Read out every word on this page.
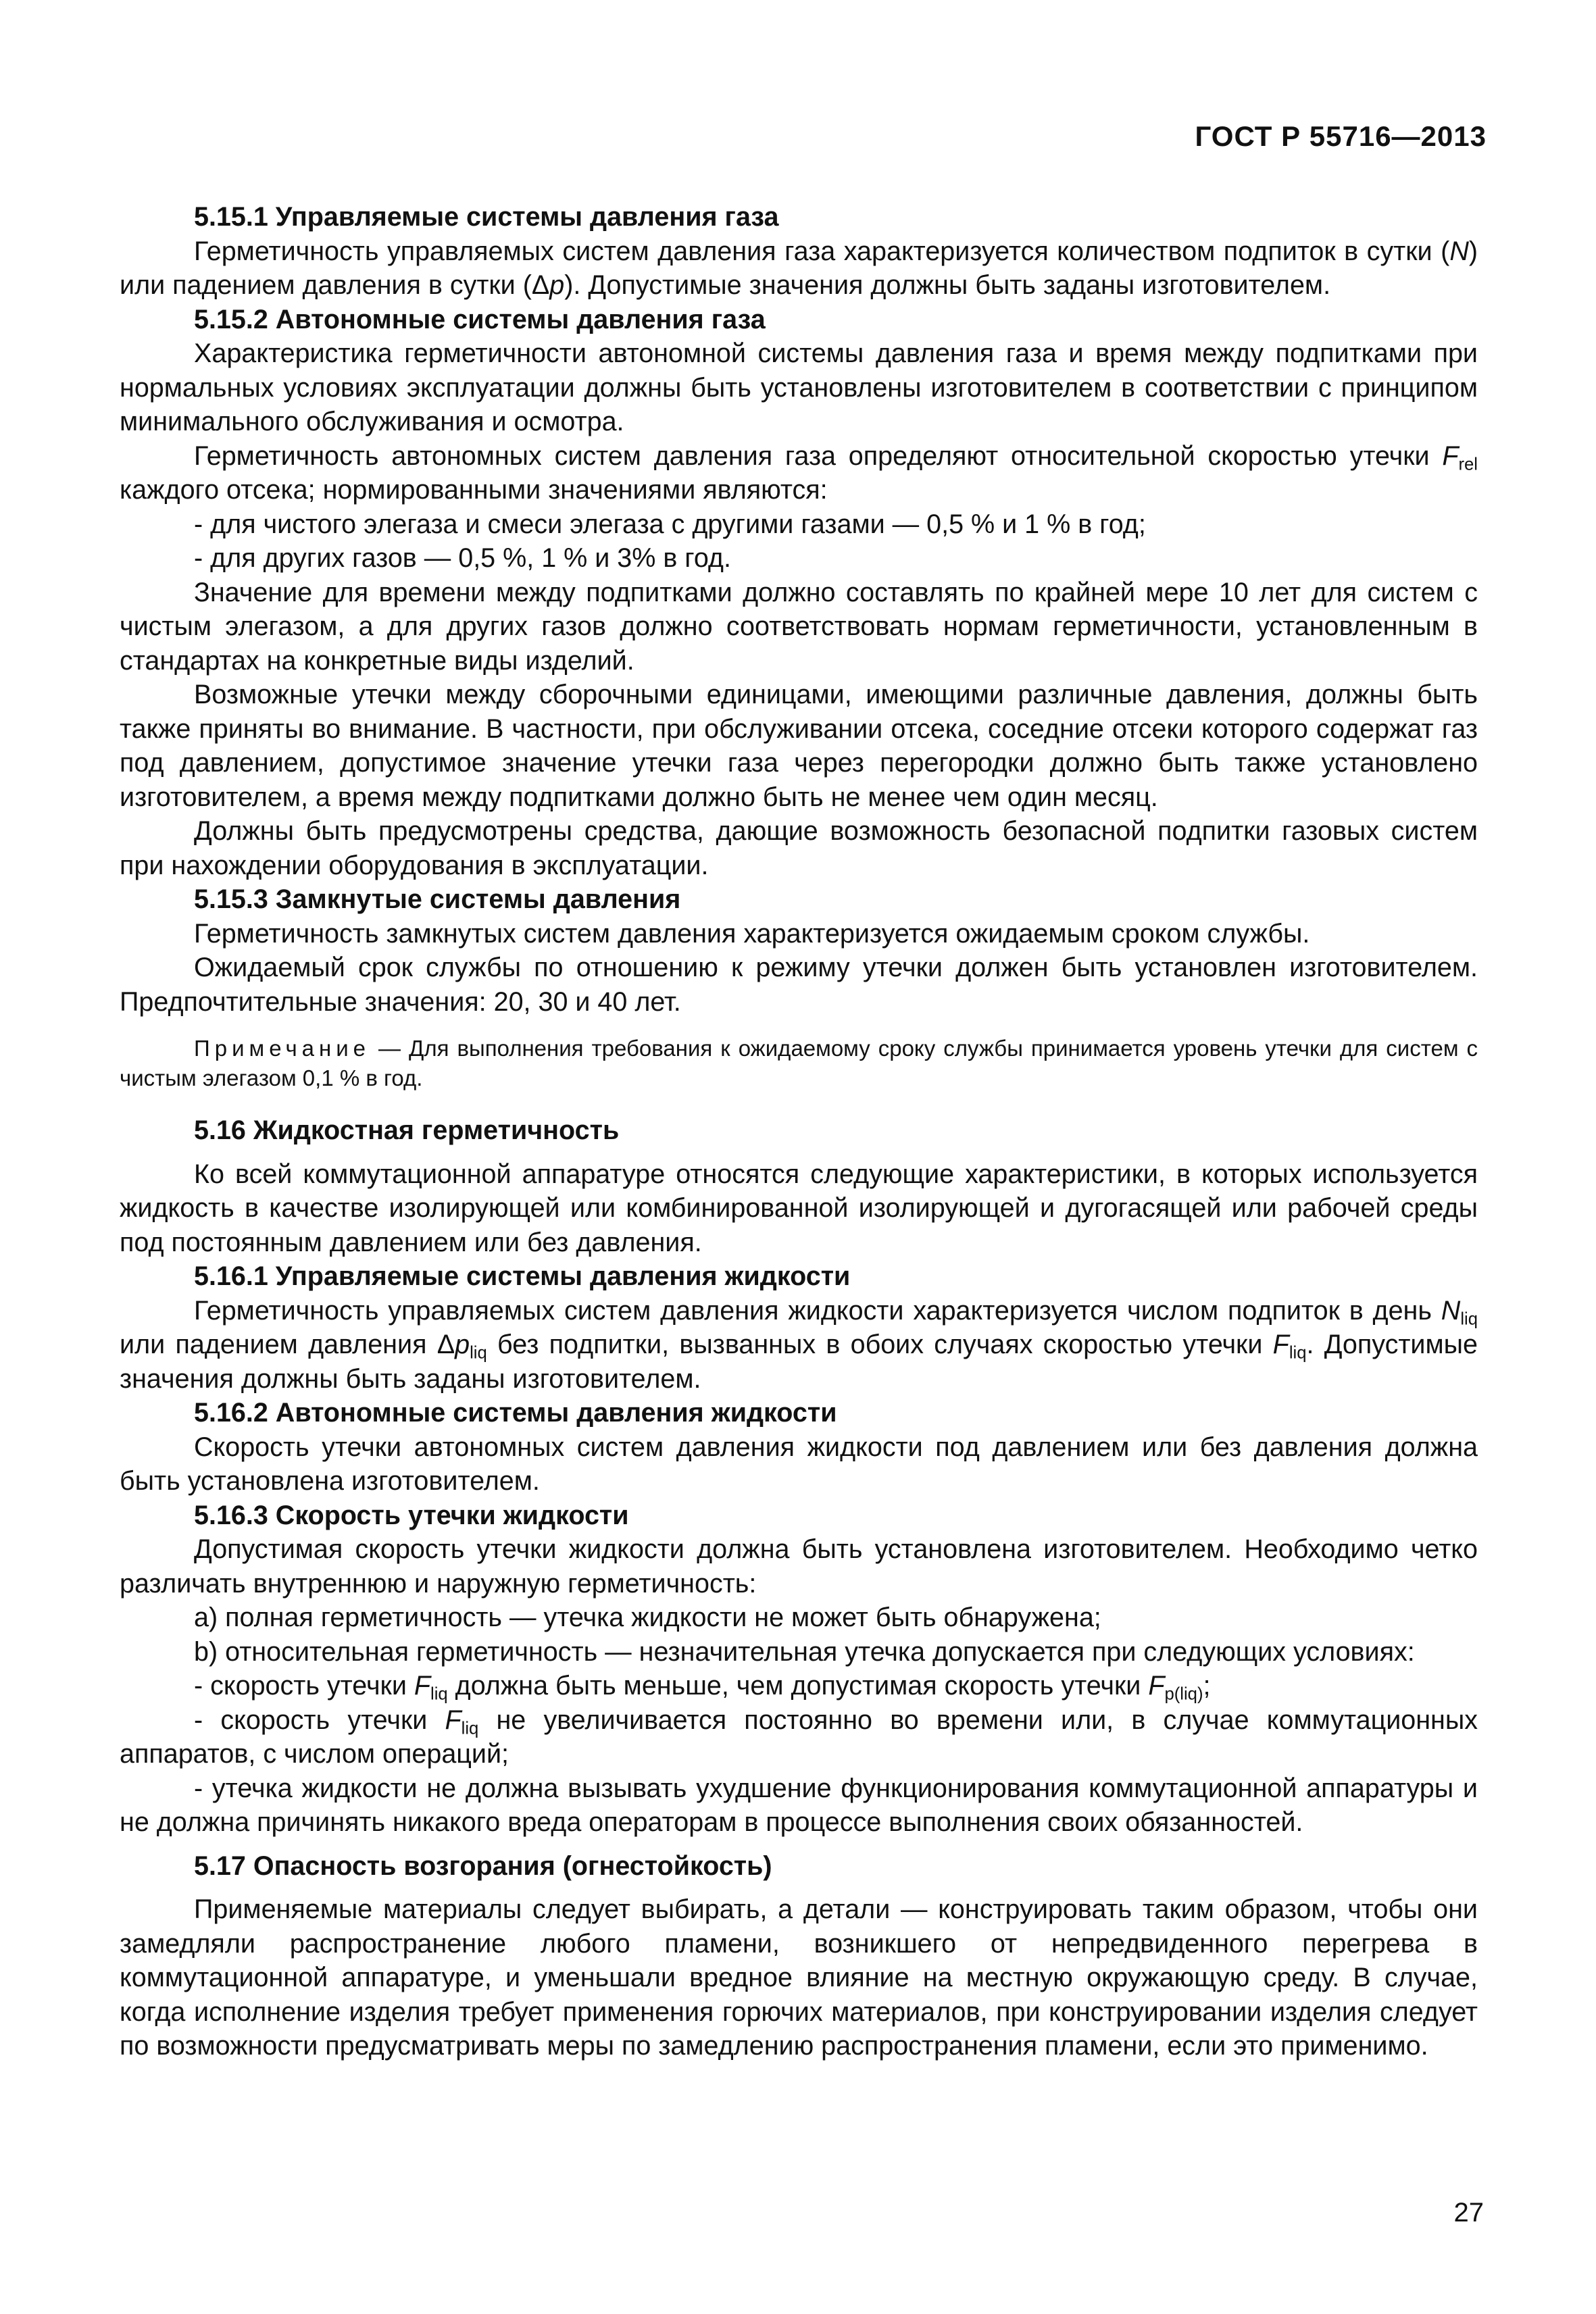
ГОСТ Р 55716—2013

5.15.1 Управляемые системы давления газа

Герметичность управляемых систем давления газа характеризуется количеством подпиток в сутки (N) или падением давления в сутки (Δp). Допустимые значения должны быть заданы изготовителем.

5.15.2 Автономные системы давления газа

Характеристика герметичности автономной системы давления газа и время между подпитками при нормальных условиях эксплуатации должны быть установлены изготовителем в соответствии с принципом минимального обслуживания и осмотра.

Герметичность автономных систем давления газа определяют относительной скоростью утечки $F_{rel}$ каждого отсека; нормированными значениями являются:

- для чистого элегаза и смеси элегаза с другими газами — 0,5 % и 1 % в год;

- для других газов — 0,5 %, 1 % и 3% в год.

Значение для времени между подпитками должно составлять по крайней мере 10 лет для систем с чистым элегазом, а для других газов должно соответствовать нормам герметичности, установленным в стандартах на конкретные виды изделий.

Возможные утечки между сборочными единицами, имеющими различные давления, должны быть также приняты во внимание. В частности, при обслуживании отсека, соседние отсеки которого содержат газ под давлением, допустимое значение утечки газа через перегородки должно быть также установлено изготовителем, а время между подпитками должно быть не менее чем один месяц.

Должны быть предусмотрены средства, дающие возможность безопасной подпитки газовых систем при нахождении оборудования в эксплуатации.

5.15.3 Замкнутые системы давления

Герметичность замкнутых систем давления характеризуется ожидаемым сроком службы.

Ожидаемый срок службы по отношению к режиму утечки должен быть установлен изготовителем. Предпочтительные значения: 20, 30 и 40 лет.

Примечание — Для выполнения требования к ожидаемому сроку службы принимается уровень утечки для систем с чистым элегазом 0,1 % в год.

5.16 Жидкостная герметичность

Ко всей коммутационной аппаратуре относятся следующие характеристики, в которых используется жидкость в качестве изолирующей или комбинированной изолирующей и дугогасящей или рабочей среды под постоянным давлением или без давления.

5.16.1 Управляемые системы давления жидкости

Герметичность управляемых систем давления жидкости характеризуется числом подпиток в день $N_{liq}$ или падением давления $\Delta p_{liq}$ без подпитки, вызванных в обоих случаях скоростью утечки $F_{liq}$. Допустимые значения должны быть заданы изготовителем.

5.16.2 Автономные системы давления жидкости

Скорость утечки автономных систем давления жидкости под давлением или без давления должна быть установлена изготовителем.

5.16.3 Скорость утечки жидкости

Допустимая скорость утечки жидкости должна быть установлена изготовителем. Необходимо четко различать внутреннюю и наружную герметичность:

a) полная герметичность — утечка жидкости не может быть обнаружена;

b) относительная герметичность — незначительная утечка допускается при следующих условиях:

- скорость утечки $F_{liq}$ должна быть меньше, чем допустимая скорость утечки $F_{p(liq)}$;

- скорость утечки $F_{liq}$ не увеличивается постоянно во времени или, в случае коммутационных аппаратов, с числом операций;

- утечка жидкости не должна вызывать ухудшение функционирования коммутационной аппаратуры и не должна причинять никакого вреда операторам в процессе выполнения своих обязанностей.

5.17 Опасность возгорания (огнестойкость)

Применяемые материалы следует выбирать, а детали — конструировать таким образом, чтобы они замедляли распространение любого пламени, возникшего от непредвиденного перегрева в коммутационной аппаратуре, и уменьшали вредное влияние на местную окружающую среду. В случае, когда исполнение изделия требует применения горючих материалов, при конструировании изделия следует по возможности предусматривать меры по замедлению распространения пламени, если это применимо.

27
